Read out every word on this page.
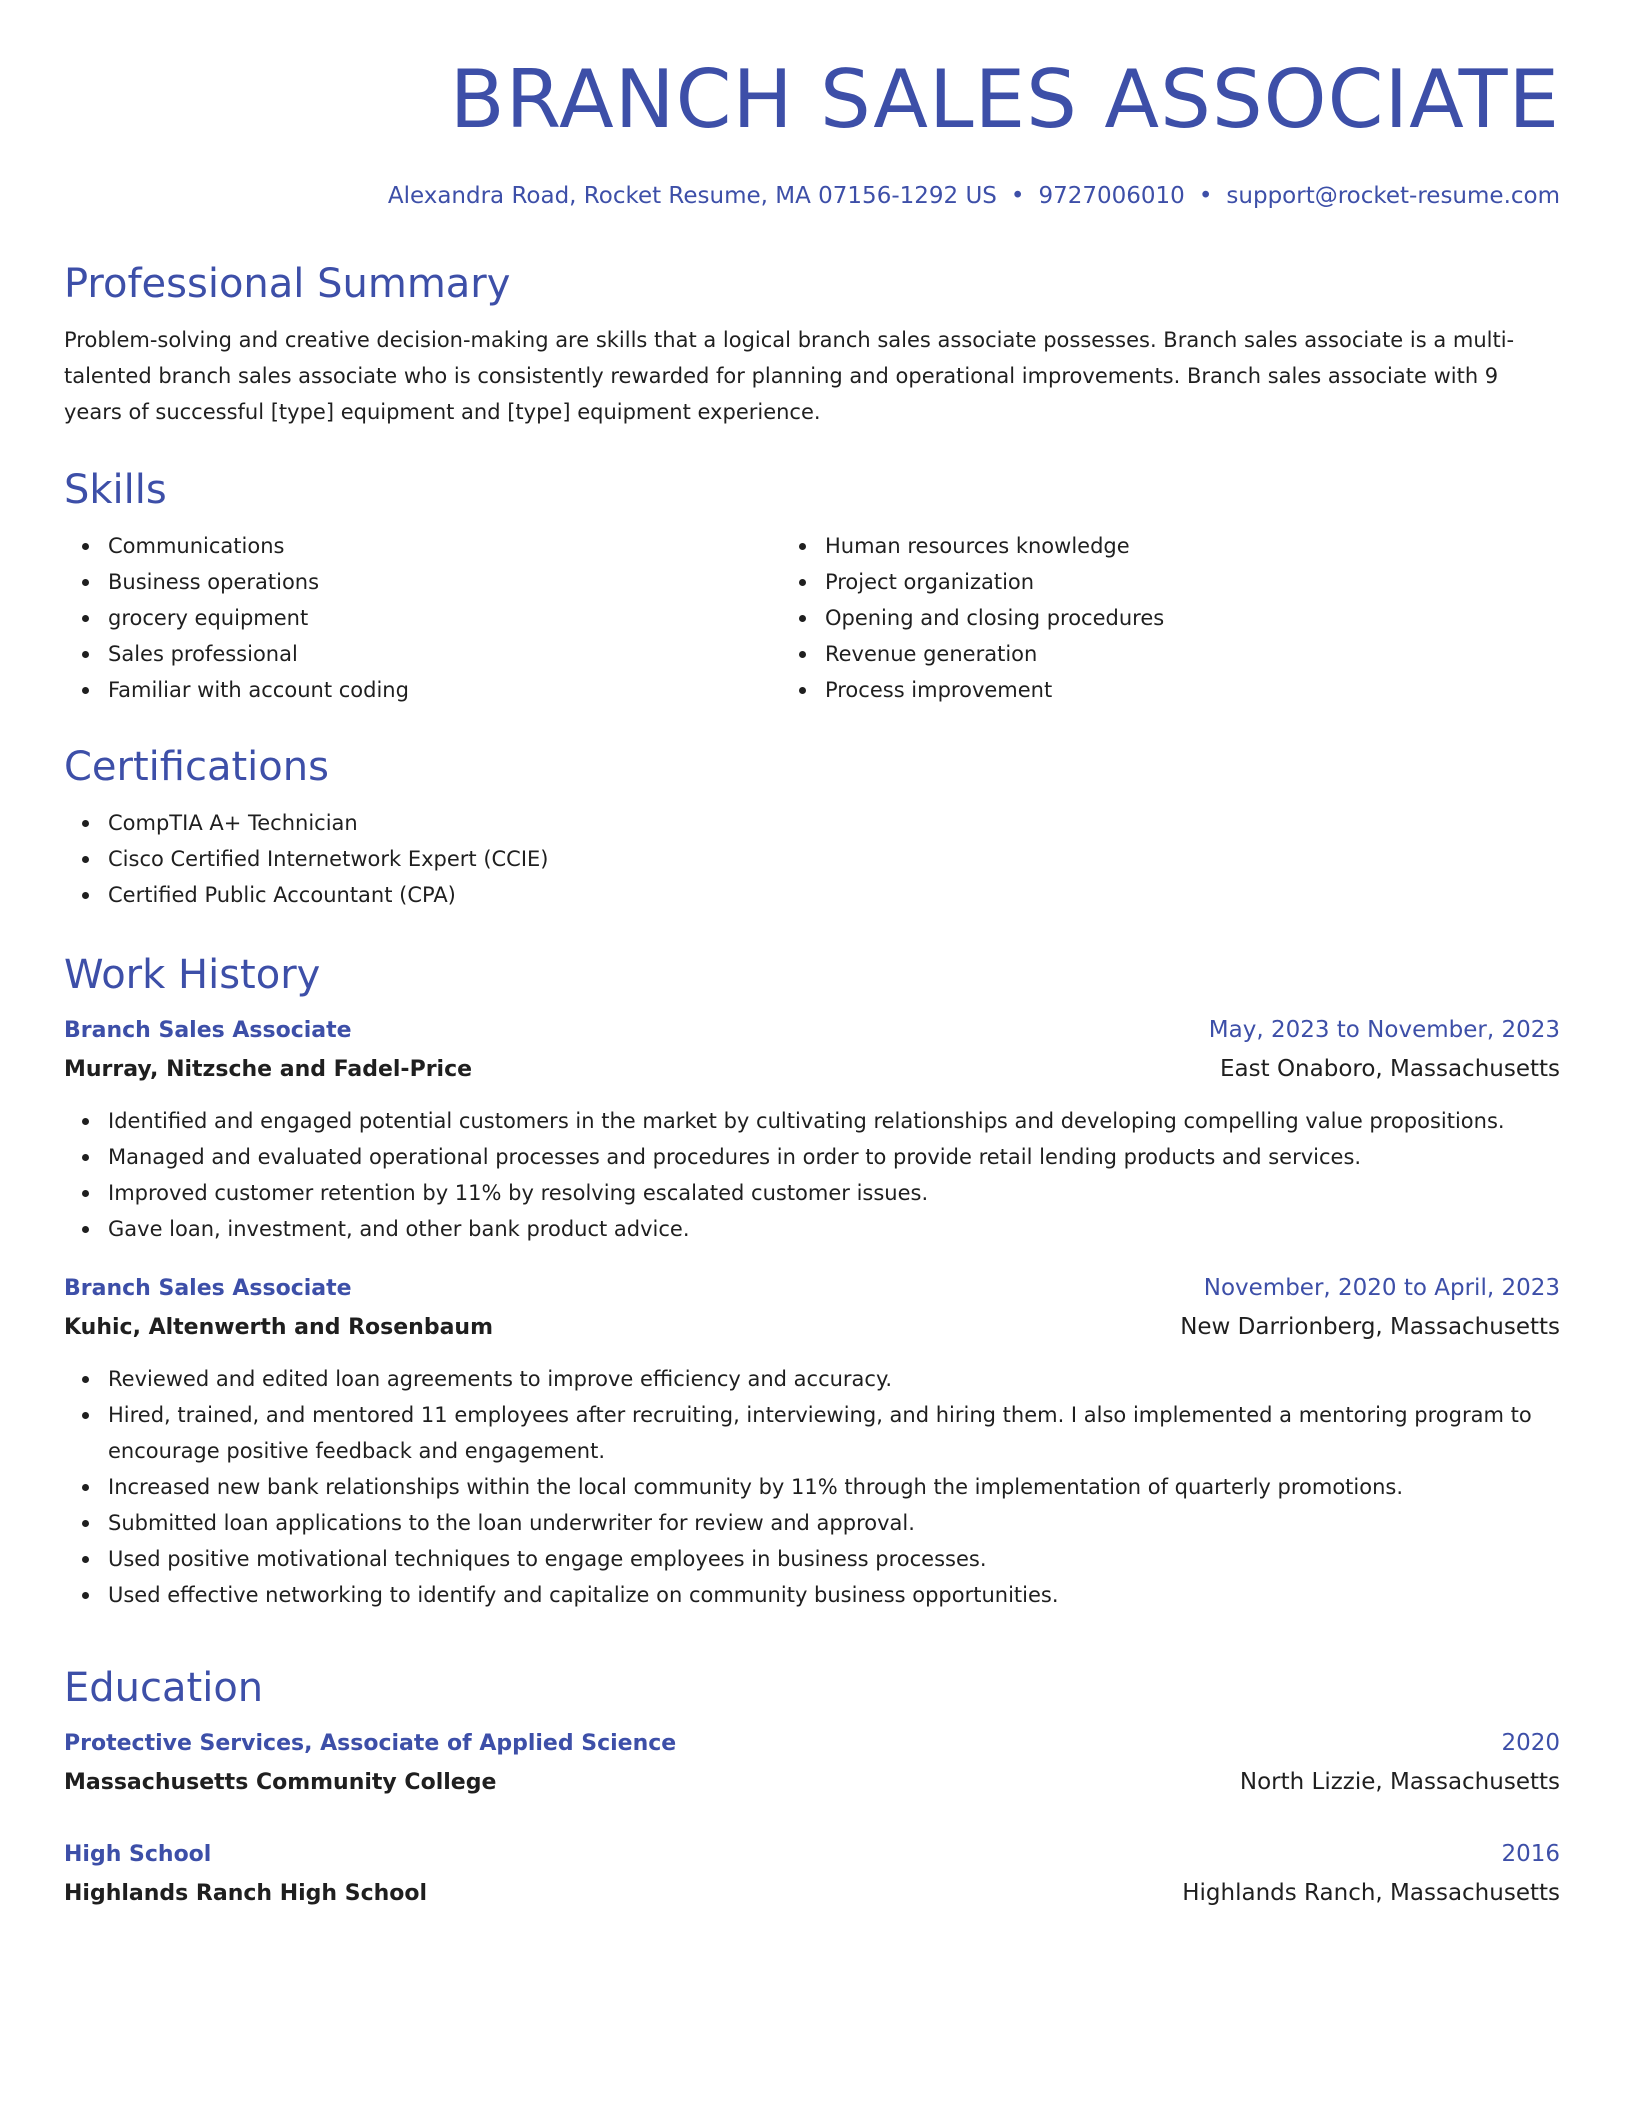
BRANCH SALES ASSOCIATE
Alexandra Road, Rocket Resume, MA 07156-1292 US • 9727006010 • support@rocket-resume.com
Professional Summary

Problem-solving and creative decision-making are skills that a logical branch sales associate possesses. Branch sales associate is a multi-talented branch sales associate who is consistently rewarded for planning and operational improvements. Branch sales associate with 9 years of successful [type] equipment and [type] equipment experience.

Skills
Communications
Business operations
grocery equipment
Sales professional
Familiar with account coding
Human resources knowledge
Project organization
Opening and closing procedures
Revenue generation
Process improvement
Certifications
CompTIA A+ Technician
Cisco Certified Internetwork Expert (CCIE)
Certified Public Accountant (CPA)
Work History
Branch Sales Associate	May, 2023 to November, 2023
Murray, Nitzsche and Fadel-Price	East Onaboro, Massachusetts
Identified and engaged potential customers in the market by cultivating relationships and developing compelling value propositions.
Managed and evaluated operational processes and procedures in order to provide retail lending products and services.
Improved customer retention by 11% by resolving escalated customer issues.
Gave loan, investment, and other bank product advice.
Branch Sales Associate	November, 2020 to April, 2023
Kuhic, Altenwerth and Rosenbaum	New Darrionberg, Massachusetts
Reviewed and edited loan agreements to improve efficiency and accuracy.
Hired, trained, and mentored 11 employees after recruiting, interviewing, and hiring them. I also implemented a mentoring program to encourage positive feedback and engagement.
Increased new bank relationships within the local community by 11% through the implementation of quarterly promotions.
Submitted loan applications to the loan underwriter for review and approval.
Used positive motivational techniques to engage employees in business processes.
Used effective networking to identify and capitalize on community business opportunities.
Education
Protective Services, Associate of Applied Science	2020
Massachusetts Community College	North Lizzie, Massachusetts
High School	2016
Highlands Ranch High School	Highlands Ranch, Massachusetts
